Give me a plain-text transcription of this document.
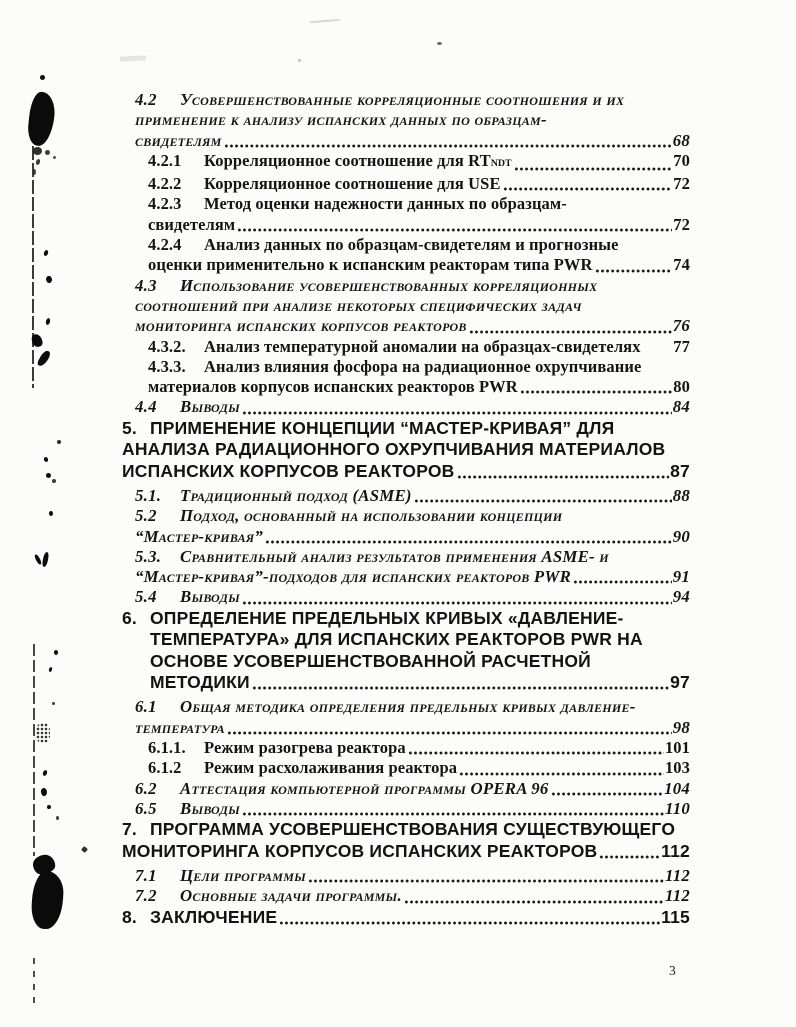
4.2	Усовершенствованные корреляционные соотношения и их
применение к анализу испанских данных по образцам-
свидетелям	68
4.2.1	Корреляционное соотношение для RT NDT	70
4.2.2	Корреляционное соотношение для USE	72
4.2.3	Метод оценки надежности данных по образцам-
свидетелям	72
4.2.4	Анализ данных по образцам-свидетелям и прогнозные
оценки применительно к испанским реакторам типа PWR	74
4.3	Использование усовершенствованных корреляционных
соотношений при анализе некоторых специфических задач
мониторинга испанских корпусов реакторов	76
4.3.2.	Анализ температурной аномалии на образцах-свидетелях 77
4.3.3.	Анализ влияния фосфора на радиационное охрупчивание
материалов корпусов испанских реакторов PWR	80
4.4	Выводы	84
5. ПРИМЕНЕНИЕ КОНЦЕПЦИИ “МАСТЕР-КРИВАЯ” ДЛЯ
АНАЛИЗА РАДИАЦИОННОГО ОХРУПЧИВАНИЯ МАТЕРИАЛОВ
ИСПАНСКИХ КОРПУСОВ РЕАКТОРОВ	87
5.1.	Традиционный подход (ASME)	88
5.2	Подход, основанный на использовании концепции
“Мастер-кривая”	90
5.3.	Сравнительный анализ результатов применения ASME- и
“Мастер-кривая”-подходов для испанских реакторов PWR	91
5.4	Выводы	94
6. ОПРЕДЕЛЕНИЕ ПРЕДЕЛЬНЫХ КРИВЫХ «ДАВЛЕНИЕ-
ТЕМПЕРАТУРА» ДЛЯ ИСПАНСКИХ РЕАКТОРОВ PWR НА
ОСНОВЕ УСОВЕРШЕНСТВОВАННОЙ РАСЧЕТНОЙ
МЕТОДИКИ	97
6.1	Общая методика определения предельных кривых давление-
температура	98
6.1.1.	Режим разогрева реактора	101
6.1.2	Режим расхолаживания реактора	103
6.2	Аттестация компьютерной программы OPERA 96	104
6.5	Выводы	110
7. ПРОГРАММА УСОВЕРШЕНСТВОВАНИЯ СУЩЕСТВУЮЩЕГО
МОНИТОРИНГА КОРПУСОВ ИСПАНСКИХ РЕАКТОРОВ	112
7.1	Цели программы	112
7.2	Основные задачи программы.	112
8. ЗАКЛЮЧЕНИЕ	115
3
